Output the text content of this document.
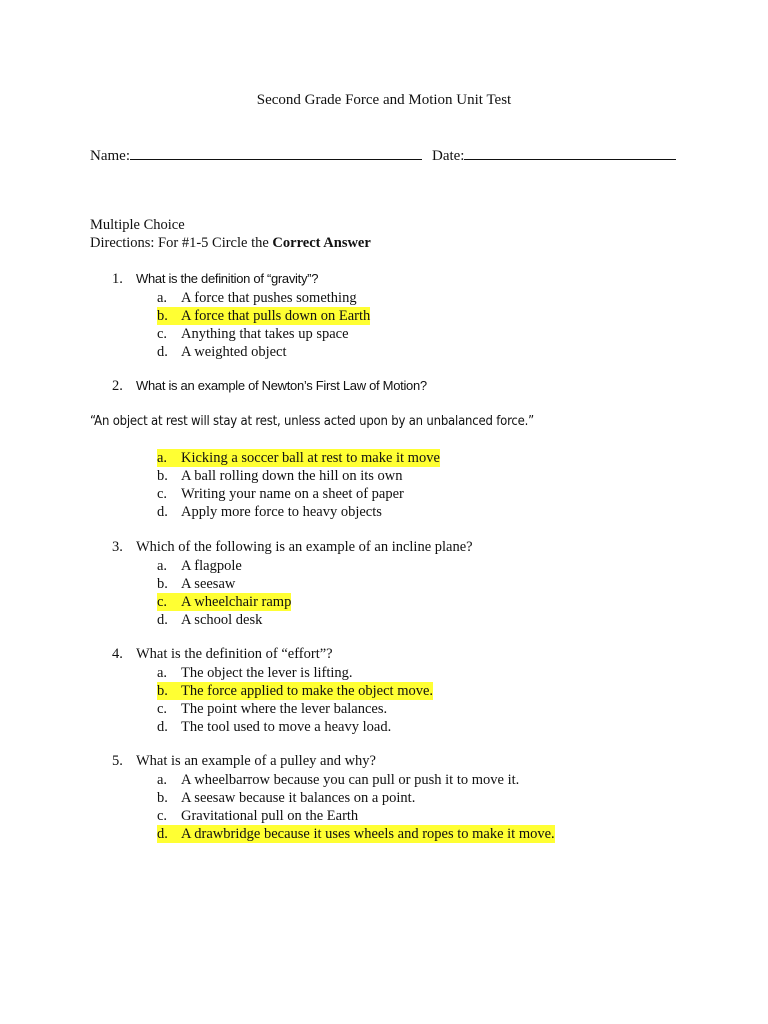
Second Grade Force and Motion Unit Test
Name:	Date:
Multiple Choice
Directions: For #1-5 Circle the Correct Answer
1. What is the definition of “gravity”?
a. A force that pushes something
b. A force that pulls down on Earth
c. Anything that takes up space
d. A weighted object
2. What is an example of Newton’s First Law of Motion?
“An object at rest will stay at rest, unless acted upon by an unbalanced force.”
a. Kicking a soccer ball at rest to make it move
b. A ball rolling down the hill on its own
c. Writing your name on a sheet of paper
d. Apply more force to heavy objects
3. Which of the following is an example of an incline plane?
a. A flagpole
b. A seesaw
c. A wheelchair ramp
d. A school desk
4. What is the definition of “effort”?
a. The object the lever is lifting.
b. The force applied to make the object move.
c. The point where the lever balances.
d. The tool used to move a heavy load.
5. What is an example of a pulley and why?
a. A wheelbarrow because you can pull or push it to move it.
b. A seesaw because it balances on a point.
c. Gravitational pull on the Earth
d. A drawbridge because it uses wheels and ropes to make it move.
